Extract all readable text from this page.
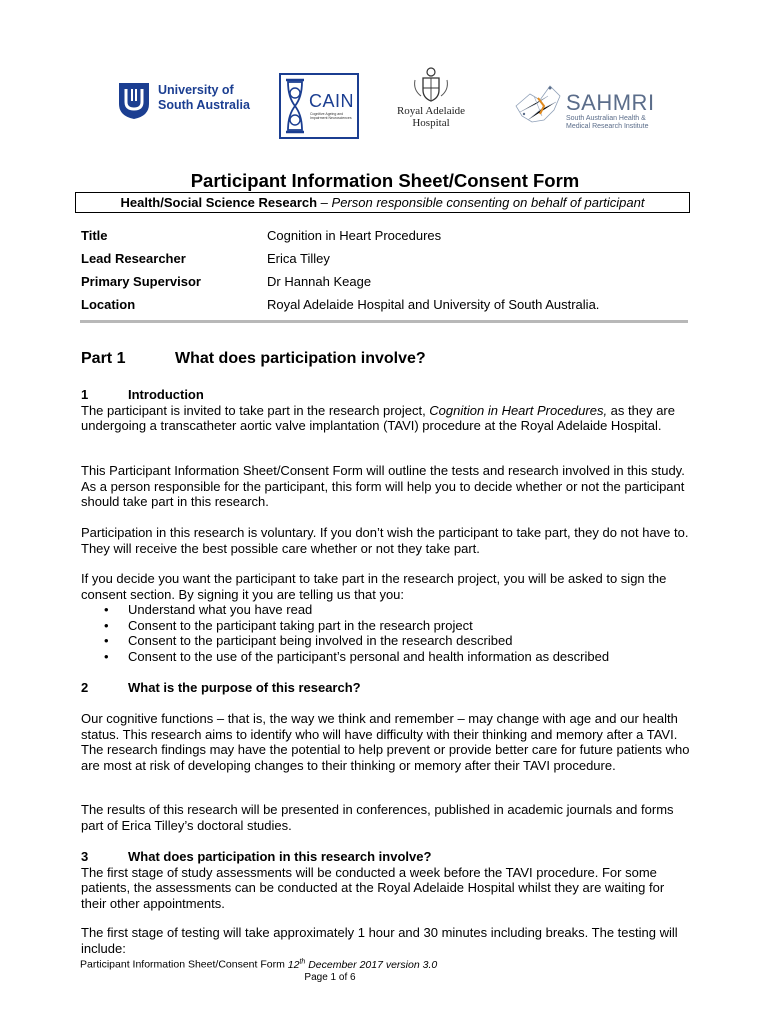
University of
South Australia	CAIN
Cognitive Ageing and Impairment Neurosciences
Royal Adelaide
Hospital
SAHMRI
South Australian Health &
Medical Research Institute
Participant Information Sheet/Consent Form
Health/Social Science Research – Person responsible consenting on behalf of participant
Title	Cognition in Heart Procedures
Lead Researcher	Erica Tilley
Primary Supervisor	Dr Hannah Keage
Location	Royal Adelaide Hospital and University of South Australia.
Part 1	What does participation involve?
1	Introduction

The participant is invited to take part in the research project, Cognition in Heart Procedures, as they are undergoing a transcatheter aortic valve implantation (TAVI) procedure at the Royal Adelaide Hospital.

This Participant Information Sheet/Consent Form will outline the tests and research involved in this study. As a person responsible for the participant, this form will help you to decide whether or not the participant should take part in this research.
Participation in this research is voluntary. If you don’t wish the participant to take part, they do not have to. They will receive the best possible care whether or not they take part.

If you decide you want the participant to take part in the research project, you will be asked to sign the consent section. By signing it you are telling us that you:

• Understand what you have read
• Consent to the participant taking part in the research project
• Consent to the participant being involved in the research described
• Consent to the use of the participant’s personal and health information as described
2	What is the purpose of this research?
Our cognitive functions – that is, the way we think and remember – may change with age and our health status. This research aims to identify who will have difficulty with their thinking and memory after a TAVI. The research findings may have the potential to help prevent or provide better care for future patients who are most at risk of developing changes to their thinking or memory after their TAVI procedure.
The results of this research will be presented in conferences, published in academic journals and forms part of Erica Tilley’s doctoral studies.
3	What does participation in this research involve?

The first stage of study assessments will be conducted a week before the TAVI procedure. For some patients, the assessments can be conducted at the Royal Adelaide Hospital whilst they are waiting for their other appointments.

The first stage of testing will take approximately 1 hour and 30 minutes including breaks. The testing will include:
Participant Information Sheet/Consent Form 12th December 2017 version 3.0
Page 1 of 6
